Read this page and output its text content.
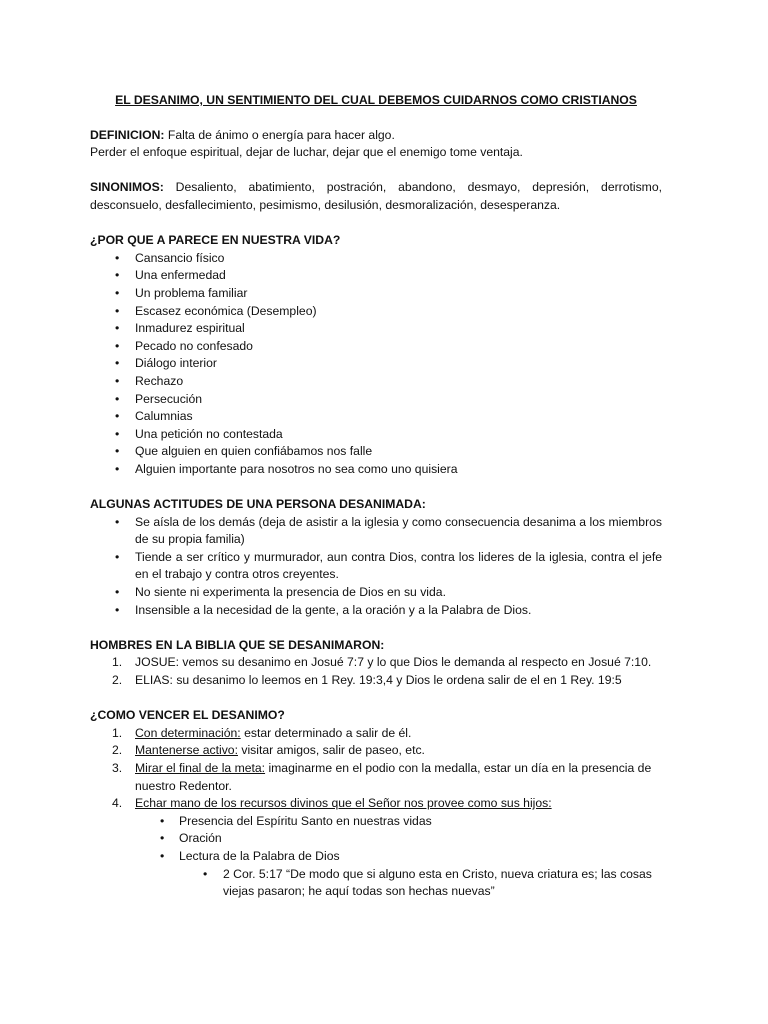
EL DESANIMO, UN SENTIMIENTO DEL CUAL DEBEMOS CUIDARNOS COMO CRISTIANOS

DEFINICION: Falta de ánimo o energía para hacer algo.

Perder el enfoque espiritual, dejar de luchar, dejar que el enemigo tome ventaja.

SINONIMOS: Desaliento, abatimiento, postración, abandono, desmayo, depresión, derrotismo, desconsuelo, desfallecimiento, pesimismo, desilusión, desmoralización, desesperanza.

¿POR QUE A PARECE EN NUESTRA VIDA?

• Cansancio físico
• Una enfermedad
• Un problema familiar
• Escasez económica (Desempleo)
• Inmadurez espiritual
• Pecado no confesado
• Diálogo interior
• Rechazo
• Persecución
• Calumnias
• Una petición no contestada
• Que alguien en quien confiábamos nos falle
• Alguien importante para nosotros no sea como uno quisiera

ALGUNAS ACTITUDES DE UNA PERSONA DESANIMADA:

• Se aísla de los demás (deja de asistir a la iglesia y como consecuencia desanima a los miembros de su propia familia)
• Tiende a ser crítico y murmurador, aun contra Dios, contra los lideres de la iglesia, contra el jefe en el trabajo y contra otros creyentes.
• No siente ni experimenta la presencia de Dios en su vida.
• Insensible a la necesidad de la gente, a la oración y a la Palabra de Dios.

HOMBRES EN LA BIBLIA QUE SE DESANIMARON:

1. JOSUE: vemos su desanimo en Josué 7:7 y lo que Dios le demanda al respecto en Josué 7:10.
2. ELIAS: su desanimo lo leemos en 1 Rey. 19:3,4 y Dios le ordena salir de el en 1 Rey. 19:5

¿COMO VENCER EL DESANIMO?

1. Con determinación: estar determinado a salir de él.
2. Mantenerse activo: visitar amigos, salir de paseo, etc.
3. Mirar el final de la meta: imaginarme en el podio con la medalla, estar un día en la presencia de nuestro Redentor.
4. Echar mano de los recursos divinos que el Señor nos provee como sus hijos:
• Presencia del Espíritu Santo en nuestras vidas
• Oración
• Lectura de la Palabra de Dios
• 2 Cor. 5:17 “De modo que si alguno esta en Cristo, nueva criatura es; las cosas viejas pasaron; he aquí todas son hechas nuevas”
